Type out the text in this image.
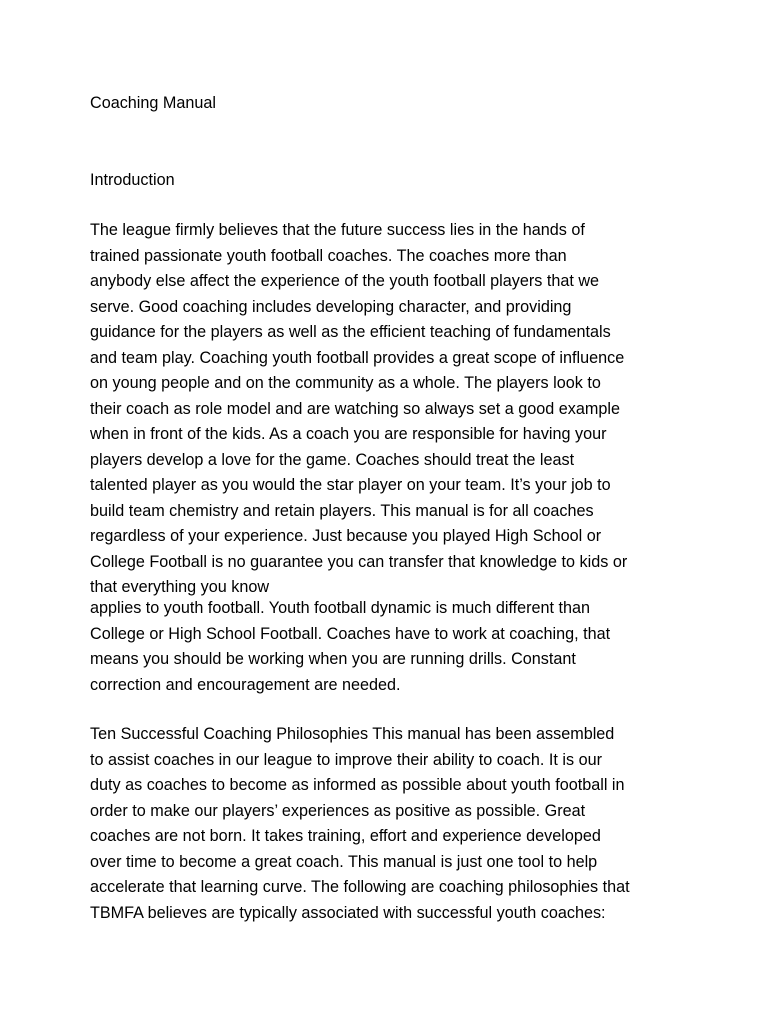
Coaching Manual

Introduction

The league firmly believes that the future success lies in the hands of
trained passionate youth football coaches. The coaches more than
anybody else affect the experience of the youth football players that we
serve. Good coaching includes developing character, and providing
guidance for the players as well as the efficient teaching of fundamentals
and team play. Coaching youth football provides a great scope of influence
on young people and on the community as a whole. The players look to
their coach as role model and are watching so always set a good example
when in front of the kids. As a coach you are responsible for having your
players develop a love for the game. Coaches should treat the least
talented player as you would the star player on your team. It’s your job to
build team chemistry and retain players. This manual is for all coaches
regardless of your experience. Just because you played High School or
College Football is no guarantee you can transfer that knowledge to kids or
that everything you know

applies to youth football. Youth football dynamic is much different than
College or High School Football. Coaches have to work at coaching, that
means you should be working when you are running drills. Constant
correction and encouragement are needed.

Ten Successful Coaching Philosophies This manual has been assembled
to assist coaches in our league to improve their ability to coach. It is our
duty as coaches to become as informed as possible about youth football in
order to make our players’ experiences as positive as possible. Great
coaches are not born. It takes training, effort and experience developed
over time to become a great coach. This manual is just one tool to help
accelerate that learning curve. The following are coaching philosophies that
TBMFA believes are typically associated with successful youth coaches:
